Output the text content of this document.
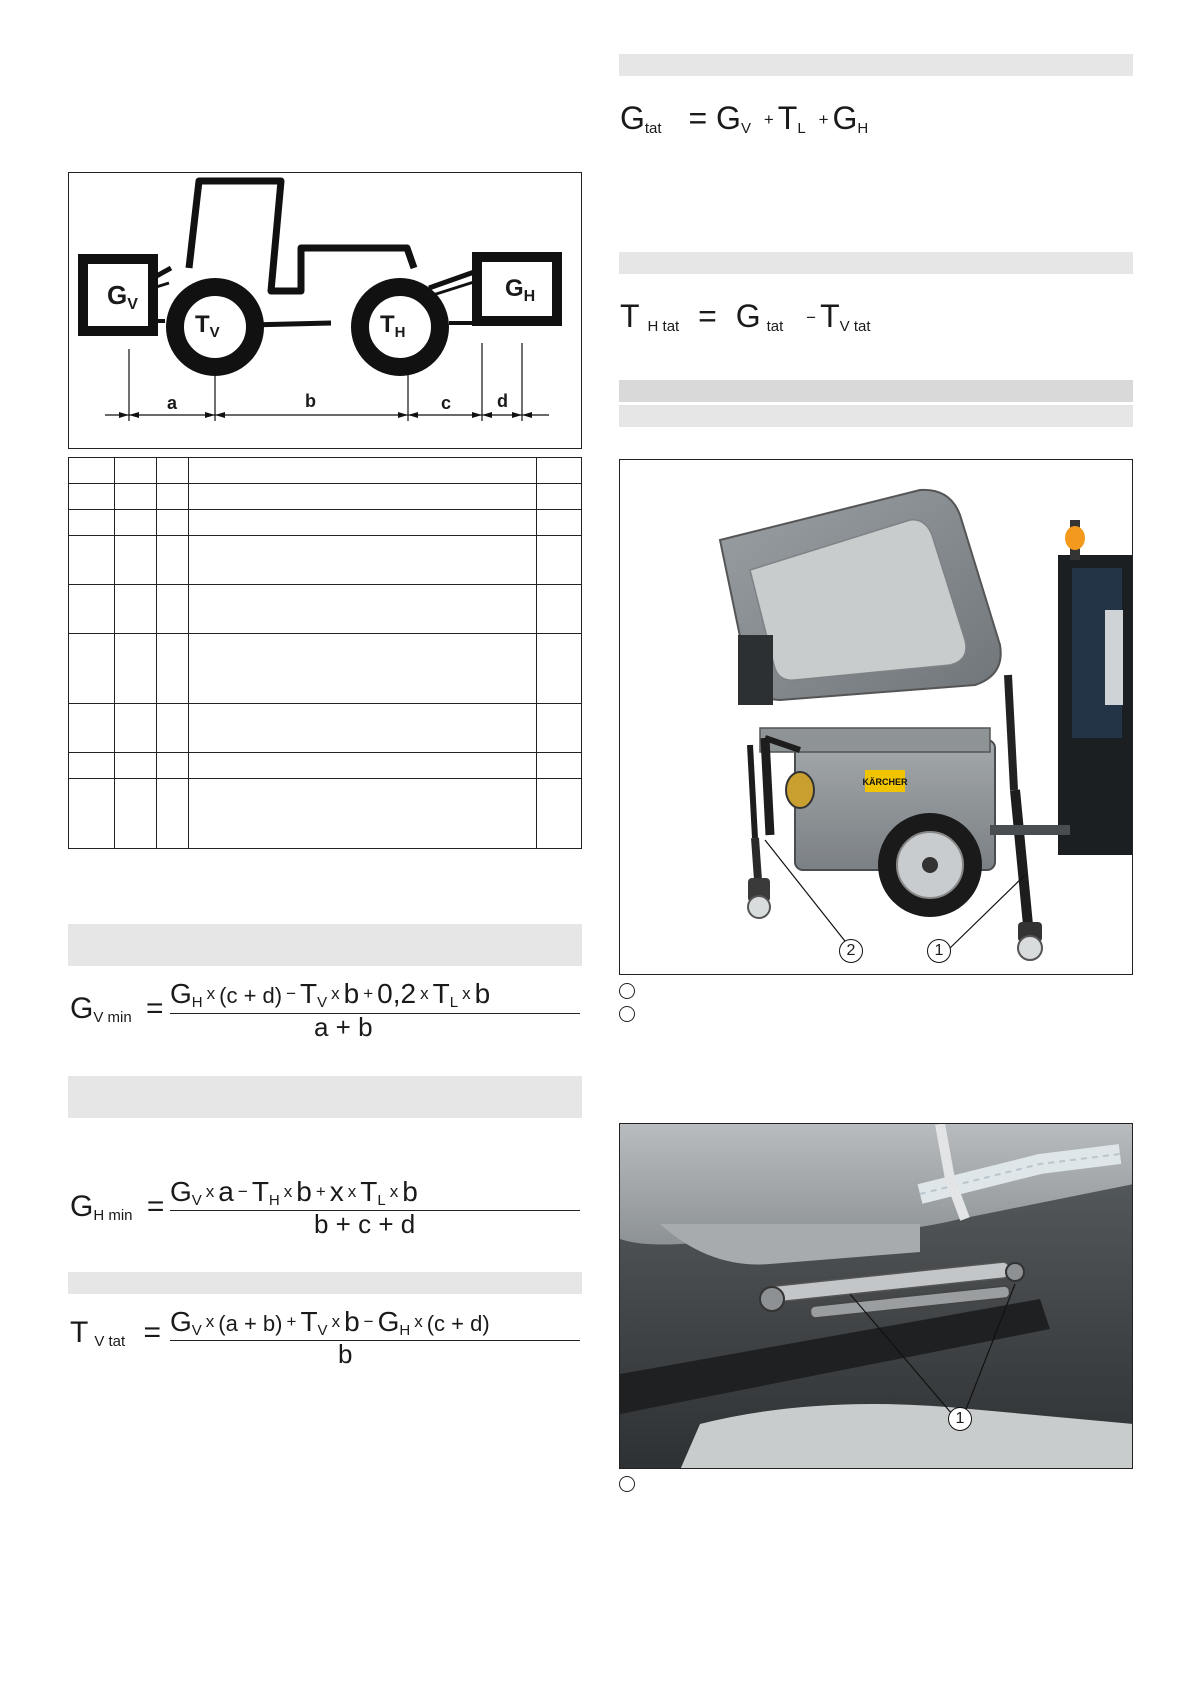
GV
$G_H$
$T_V$	$T_H$
a	b	c	d

$G_{V min} = G_H$ x $(c + d) - T_V$ x b + 0,2 x $T_L$ x b
a + b
$G_{H min} = G_V$ x $a - T_H$ x b + x x $T_L$ x b
b + c + d
T $_{V tat} = G_V$ x $(a + b) + T_V$ x $b - G_H$ x (c + d)
b
$G_{tat} = G_V + T_L + G_H$
T $_{H tat}$ = G $_{tat} - T_{V tat}$
KÄRCHER
2	1
1
